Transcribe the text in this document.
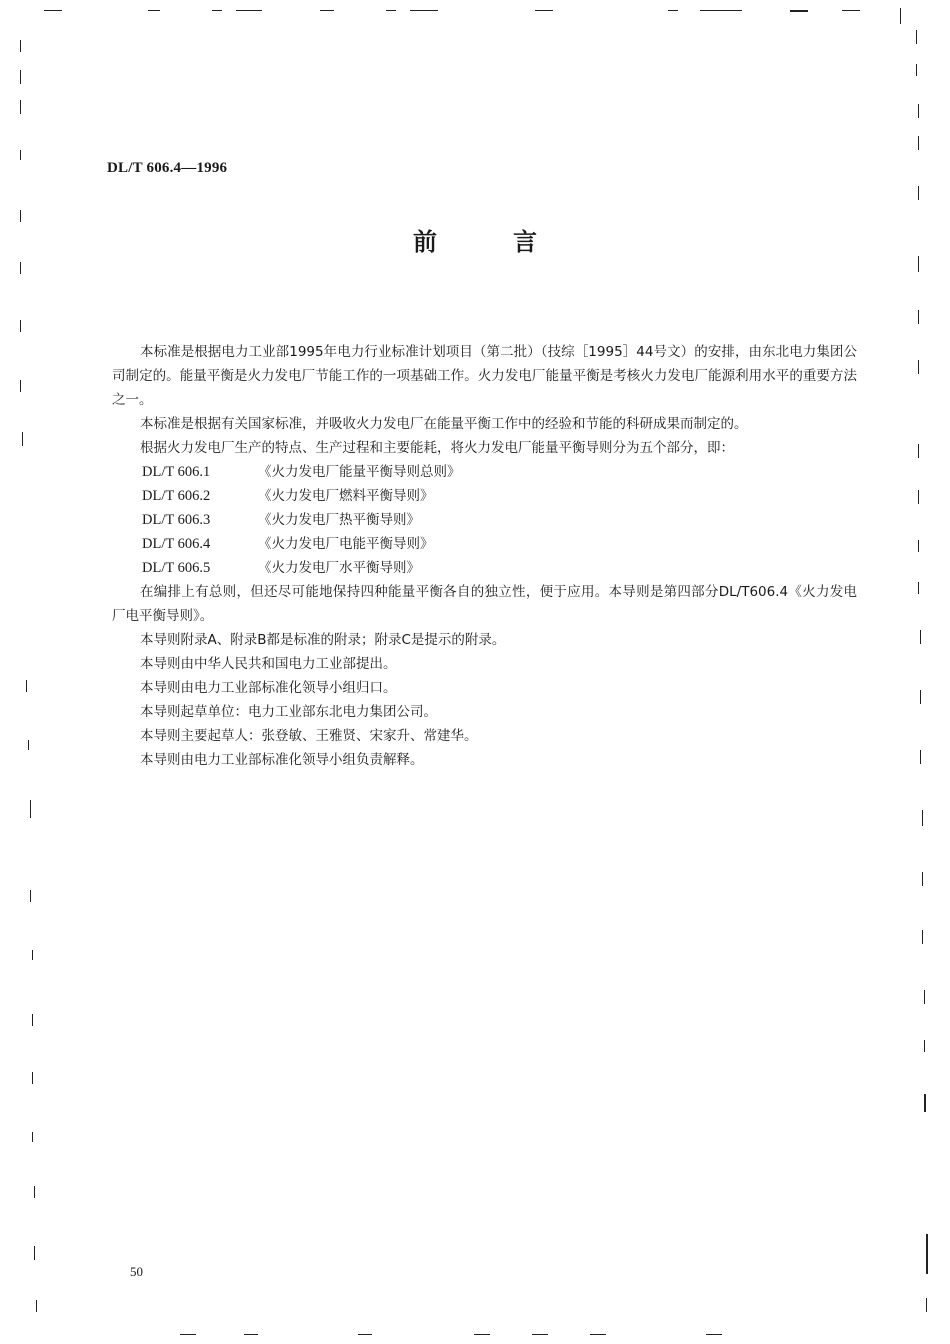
DL/T 606.4—1996
前	言

本标准是根据电力工业部1995年电力行业标准计划项目（第二批）（技综［1995］44号文）的安排，由东北电力集团公司制定的。能量平衡是火力发电厂节能工作的一项基础工作。火力发电厂能量平衡是考核火力发电厂能源利用水平的重要方法之一。

本标准是根据有关国家标准，并吸收火力发电厂在能量平衡工作中的经验和节能的科研成果而制定的。

根据火力发电厂生产的特点、生产过程和主要能耗，将火力发电厂能量平衡导则分为五个部分，即：

DL/T 606.1	《火力发电厂能量平衡导则总则》
DL/T 606.2	《火力发电厂燃料平衡导则》
DL/T 606.3	《火力发电厂热平衡导则》
DL/T 606.4	《火力发电厂电能平衡导则》
DL/T 606.5	《火力发电厂水平衡导则》

在编排上有总则，但还尽可能地保持四种能量平衡各自的独立性，便于应用。本导则是第四部分DL/T606.4《火力发电厂电平衡导则》。

本导则附录A、附录B都是标准的附录；附录C是提示的附录。

本导则由中华人民共和国电力工业部提出。

本导则由电力工业部标准化领导小组归口。

本导则起草单位：电力工业部东北电力集团公司。

本导则主要起草人：张登敏、王雅贤、宋家升、常建华。

本导则由电力工业部标准化领导小组负责解释。

50
